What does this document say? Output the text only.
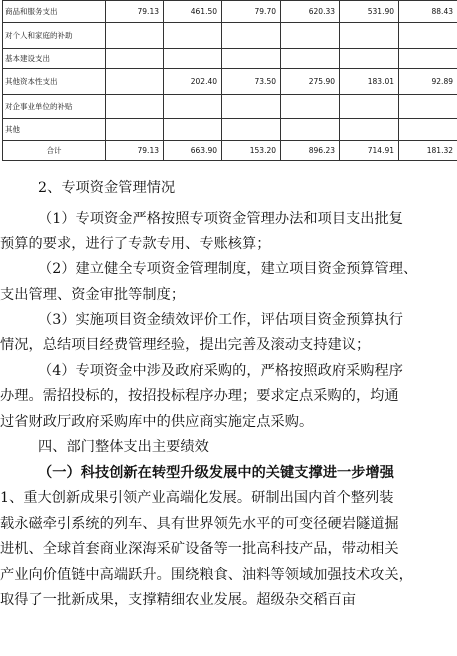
商品和服务支出	79.13	461.50	79.70	620.33	531.90	88.43
对个人和家庭的补助						
基本建设支出						
其他资本性支出		202.40	73.50	275.90	183.01	92.89
对企事业单位的补贴						
其他						
合计	79.13	663.90	153.20	896.23	714.91	181.32
2、专项资金管理情况
（1）专项资金严格按照专项资金管理办法和项目支出批复
预算的要求，进行了专款专用、专账核算；
（2）建立健全专项资金管理制度，建立项目资金预算管理、
支出管理、资金审批等制度；
（3）实施项目资金绩效评价工作，评估项目资金预算执行
情况，总结项目经费管理经验，提出完善及滚动支持建议；
（4）专项资金中涉及政府采购的，严格按照政府采购程序
办理。需招投标的，按招投标程序办理；要求定点采购的，均通
过省财政厅政府采购库中的供应商实施定点采购。
四、部门整体支出主要绩效
（一）科技创新在转型升级发展中的关键支撑进一步增强
1、重大创新成果引领产业高端化发展。研制出国内首个整列装
载永磁牵引系统的列车、具有世界领先水平的可变径硬岩隧道掘
进机、全球首套商业深海采矿设备等一批高科技产品，带动相关
产业向价值链中高端跃升。围绕粮食、油料等领域加强技术攻关，
取得了一批新成果，支撑精细农业发展。超级杂交稻百亩
